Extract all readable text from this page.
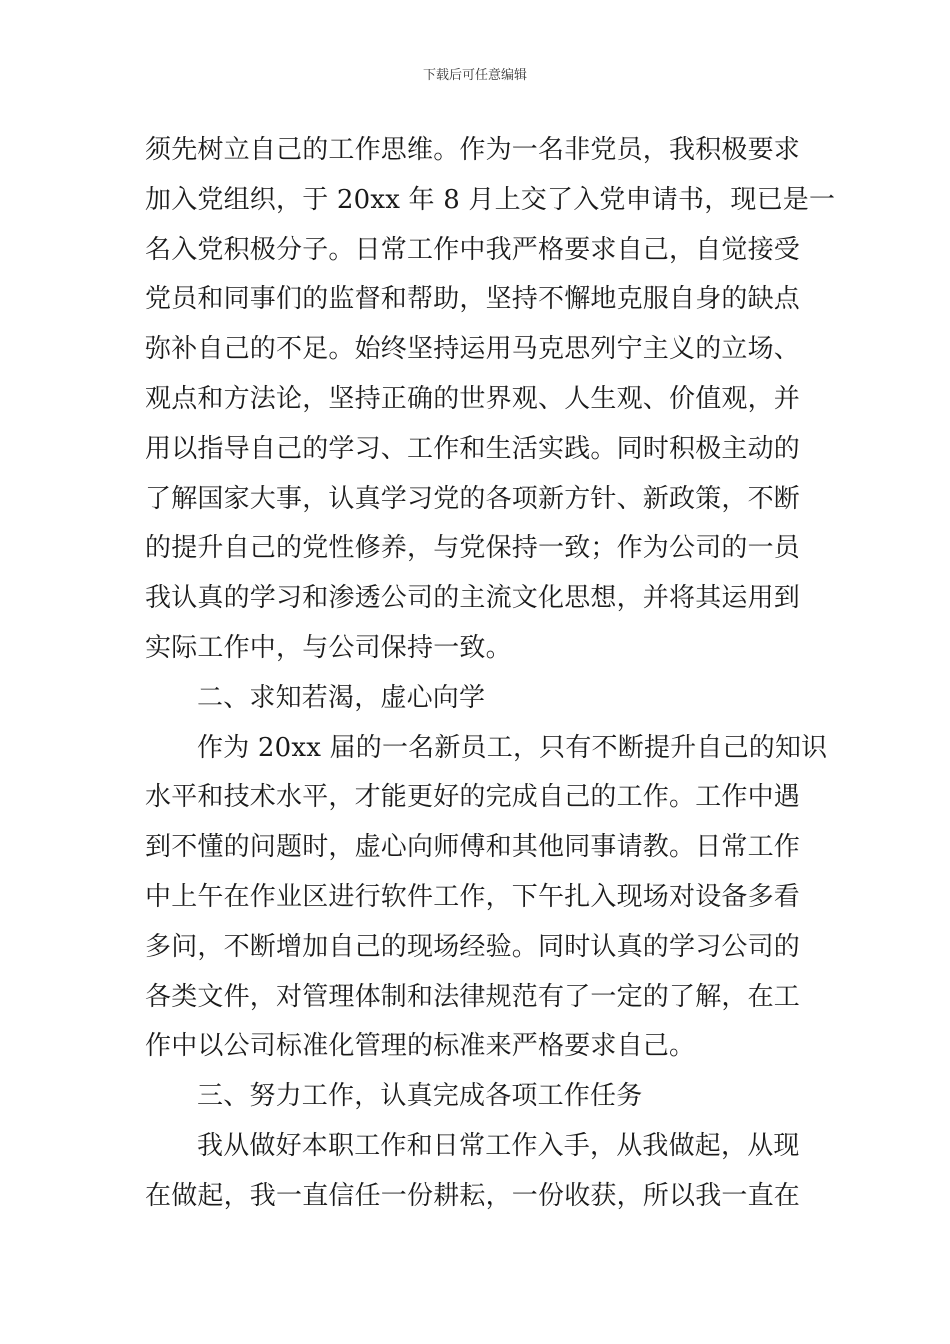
下载后可任意编辑
须先树立自己的工作思维。作为一名非党员，我积极要求
加入党组织，于 20xx 年 8 月上交了入党申请书，现已是一
名入党积极分子。日常工作中我严格要求自己，自觉接受
党员和同事们的监督和帮助，坚持不懈地克服自身的缺点
弥补自己的不足。始终坚持运用马克思列宁主义的立场、
观点和方法论，坚持正确的世界观、人生观、价值观，并
用以指导自己的学习、工作和生活实践。同时积极主动的
了解国家大事，认真学习党的各项新方针、新政策，不断
的提升自己的党性修养，与党保持一致；作为公司的一员
我认真的学习和渗透公司的主流文化思想，并将其运用到
实际工作中，与公司保持一致。
二、求知若渴，虚心向学
作为 20xx 届的一名新员工，只有不断提升自己的知识
水平和技术水平，才能更好的完成自己的工作。工作中遇
到不懂的问题时，虚心向师傅和其他同事请教。日常工作
中上午在作业区进行软件工作，下午扎入现场对设备多看
多问，不断增加自己的现场经验。同时认真的学习公司的
各类文件，对管理体制和法律规范有了一定的了解，在工
作中以公司标准化管理的标准来严格要求自己。
三、努力工作，认真完成各项工作任务
我从做好本职工作和日常工作入手，从我做起，从现
在做起，我一直信任一份耕耘，一份收获，所以我一直在
